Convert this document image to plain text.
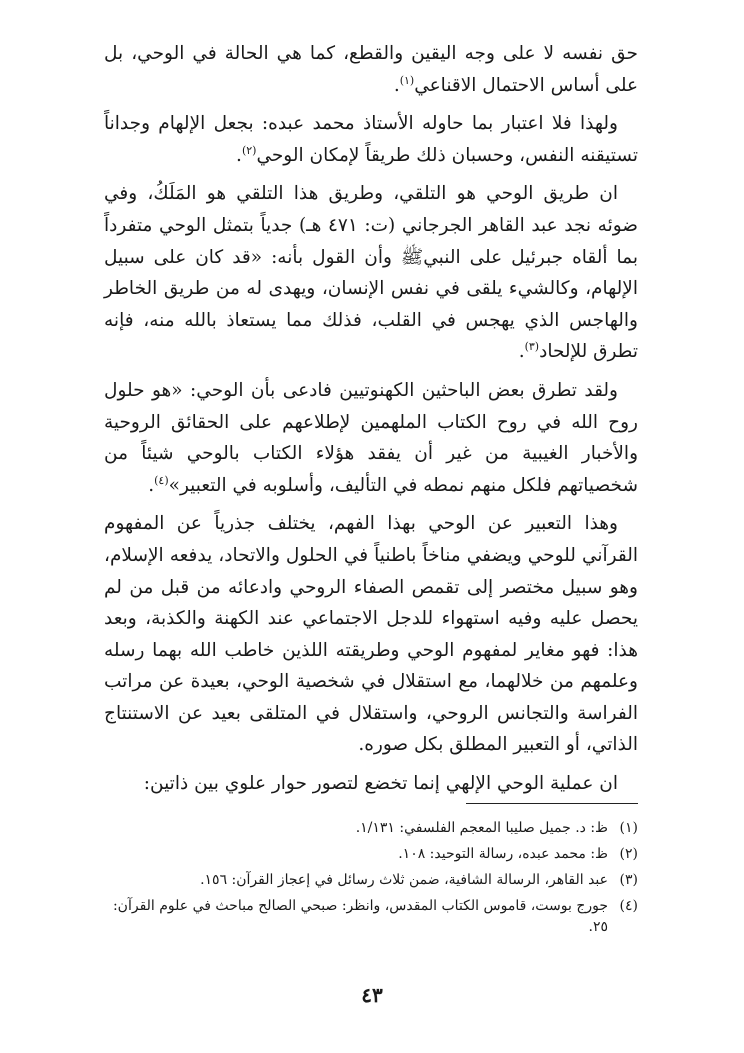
حق نفسه لا على وجه اليقين والقطع، كما هي الحالة في الوحي، بل على أساس الاحتمال الاقناعي$^{(١)}$.

ولهذا فلا اعتبار بما حاوله الأستاذ محمد عبده: بجعل الإلهام وجداناً تستيقنه النفس، وحسبان ذلك طريقاً لإمكان الوحي$^{(٢)}$.

ان طريق الوحي هو التلقي، وطريق هذا التلقي هو المَلَكُ، وفي ضوئه نجد عبد القاهر الجرجاني (ت: ٤٧١ هـ) جدياً بتمثل الوحي متفرداً بما ألقاه جبرئيل على النبيﷺ وأن القول بأنه: «قد كان على سبيل الإلهام، وكالشيء يلقى في نفس الإنسان، ويهدى له من طريق الخاطر والهاجس الذي يهجس في القلب، فذلك مما يستعاذ بالله منه، فإنه تطرق للإلحاد$^{(٣)}$.

ولقد تطرق بعض الباحثين الكهنوتيين فادعى بأن الوحي: «هو حلول روح الله في روح الكتاب الملهمين لإطلاعهم على الحقائق الروحية والأخبار الغيبية من غير أن يفقد هؤلاء الكتاب بالوحي شيئاً من شخصياتهم فلكل منهم نمطه في التأليف، وأسلوبه في التعبير»$^{(٤)}$.

وهذا التعبير عن الوحي بهذا الفهم، يختلف جذرياً عن المفهوم القرآني للوحي ويضفي مناخاً باطنياً في الحلول والاتحاد، يدفعه الإسلام، وهو سبيل مختصر إلى تقمص الصفاء الروحي وادعائه من قبل من لم يحصل عليه وفيه استهواء للدجل الاجتماعي عند الكهنة والكذبة، وبعد هذا: فهو مغاير لمفهوم الوحي وطريقته اللذين خاطب الله بهما رسله وعلمهم من خلالهما، مع استقلال في شخصية الوحي، بعيدة عن مراتب الفراسة والتجانس الروحي، واستقلال في المتلقى بعيد عن الاستنتاج الذاتي، أو التعبير المطلق بكل صوره.

ان عملية الوحي الإلهي إنما تخضع لتصور حوار علوي بين ذاتين:

(١)
ظ: د. جميل صليبا المعجم الفلسفي: ١/١٣١.
(٢)
ظ: محمد عبده، رسالة التوحيد: ١٠٨.
(٣)
عبد القاهر، الرسالة الشافية، ضمن ثلاث رسائل في إعجاز القرآن: ١٥٦.
(٤)
جورج بوست، قاموس الكتاب المقدس، وانظر: صبحي الصالح مباحث في علوم القرآن: ٢٥.
٤٣
